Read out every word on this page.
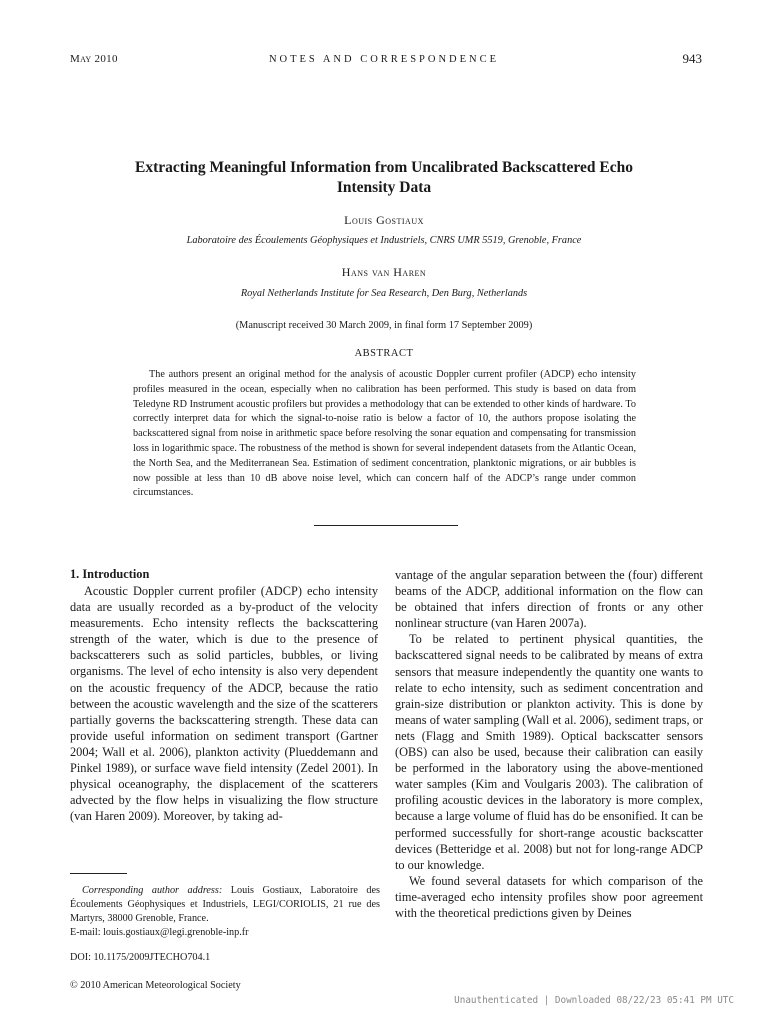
May 2010	NOTES AND CORRESPONDENCE	943
Extracting Meaningful Information from Uncalibrated Backscattered Echo Intensity Data
Louis Gostiaux
Laboratoire des Écoulements Géophysiques et Industriels, CNRS UMR 5519, Grenoble, France
Hans van Haren
Royal Netherlands Institute for Sea Research, Den Burg, Netherlands
(Manuscript received 30 March 2009, in final form 17 September 2009)
ABSTRACT
The authors present an original method for the analysis of acoustic Doppler current profiler (ADCP) echo intensity profiles measured in the ocean, especially when no calibration has been performed. This study is based on data from Teledyne RD Instrument acoustic profilers but provides a methodology that can be extended to other kinds of hardware. To correctly interpret data for which the signal-to-noise ratio is below a factor of 10, the authors propose isolating the backscattered signal from noise in arithmetic space before resolving the sonar equation and compensating for transmission loss in logarithmic space. The robustness of the method is shown for several independent datasets from the Atlantic Ocean, the North Sea, and the Mediterranean Sea. Estimation of sediment concentration, planktonic migrations, or air bubbles is now possible at less than 10 dB above noise level, which can concern half of the ADCP’s range under common circumstances.
1. Introduction

Acoustic Doppler current profiler (ADCP) echo intensity data are usually recorded as a by-product of the velocity measurements. Echo intensity reflects the backscattering strength of the water, which is due to the presence of backscatterers such as solid particles, bubbles, or living organisms. The level of echo intensity is also very dependent on the acoustic frequency of the ADCP, because the ratio between the acoustic wavelength and the size of the scatterers partially governs the backscattering strength. These data can provide useful information on sediment transport (Gartner 2004; Wall et al. 2006), plankton activity (Plueddemann and Pinkel 1989), or surface wave field intensity (Zedel 2001). In physical oceanography, the displacement of the scatterers advected by the flow helps in visualizing the flow structure (van Haren 2009). Moreover, by taking ad-

vantage of the angular separation between the (four) different beams of the ADCP, additional information on the flow can be obtained that infers direction of fronts or any other nonlinear structure (van Haren 2007a).

To be related to pertinent physical quantities, the backscattered signal needs to be calibrated by means of extra sensors that measure independently the quantity one wants to relate to echo intensity, such as sediment concentration and grain-size distribution or plankton activity. This is done by means of water sampling (Wall et al. 2006), sediment traps, or nets (Flagg and Smith 1989). Optical backscatter sensors (OBS) can also be used, because their calibration can easily be performed in the laboratory using the above-mentioned water samples (Kim and Voulgaris 2003). The calibration of profiling acoustic devices in the laboratory is more complex, because a large volume of fluid has do be ensonified. It can be performed successfully for short-range acoustic backscatter devices (Betteridge et al. 2008) but not for long-range ADCP to our knowledge.

We found several datasets for which comparison of the time-averaged echo intensity profiles show poor agreement with the theoretical predictions given by Deines

Corresponding author address: Louis Gostiaux, Laboratoire des Écoulements Géophysiques et Industriels, LEGI/CORIOLIS, 21 rue des Martyrs, 38000 Grenoble, France.
E-mail: louis.gostiaux@legi.grenoble-inp.fr
DOI: 10.1175/2009JTECHO704.1
© 2010 American Meteorological Society
Unauthenticated | Downloaded 08/22/23 05:41 PM UTC
